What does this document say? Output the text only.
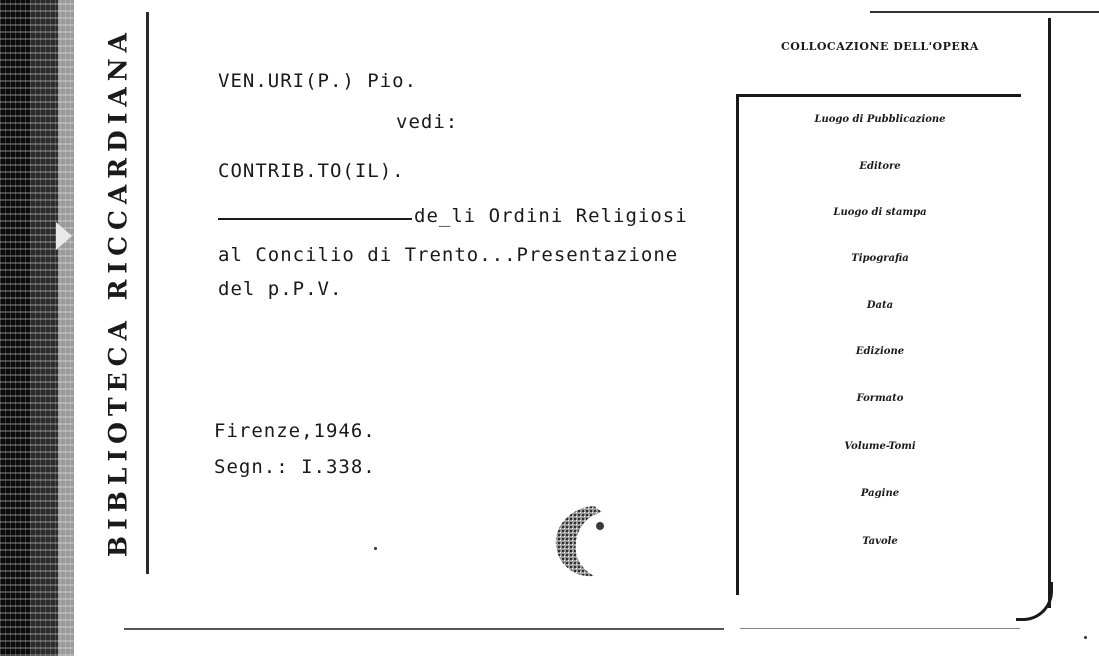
BIBLIOTECA RICCARDIANA	VEN.URI(P.) Pio.
vedi:
CONTRIB.TO(IL).
de_li Ordini Religiosi
al Concilio di Trento...Presentazione
del p.P.V.
Firenze,1946.
Segn.: I.338.
COLLOCAZIONE DELL'OPERA
Luogo di Pubblicazione
Editore
Luogo di stampa
Tipografia
Data
Edizione
Formato
Volume-Tomi
Pagine
Tavole
